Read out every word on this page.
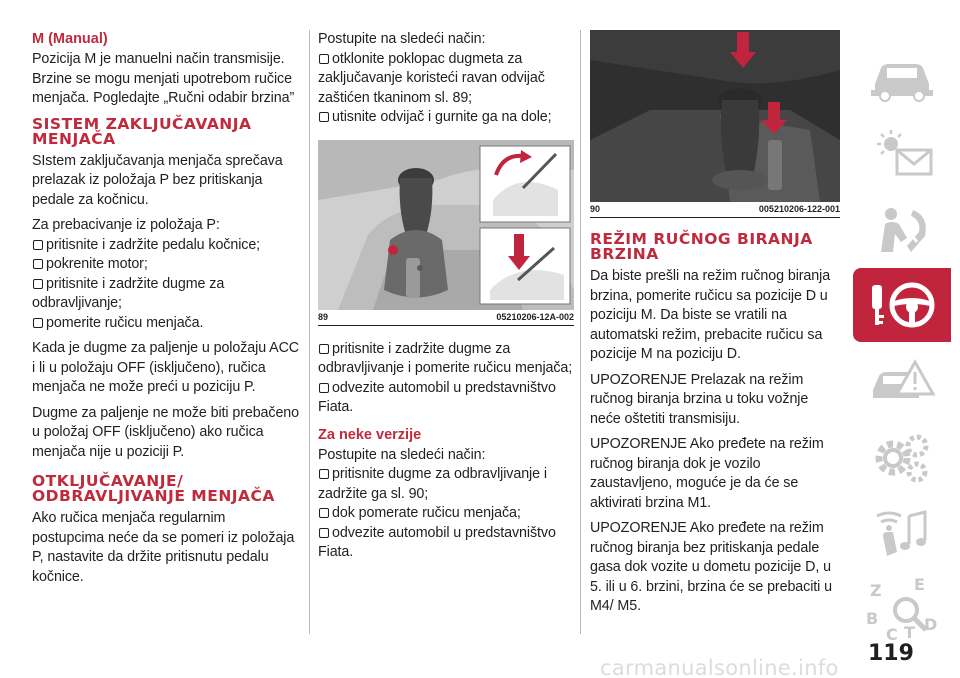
M (Manual)

Pozicija M je manuelni način transmisije. Brzine se mogu menjati upotrebom ručice menjača. Pogledajte „Ručni odabir brzina”

SISTEM ZAKLJUČAVANJA MENJAČA

SIstem zaključavanja menjača sprečava prelazak iz položaja P bez pritiskanja pedale za kočnicu.

Za prebacivanje iz položaja P:
pritisnite i zadržite pedalu kočnice;
pokrenite motor;
pritisnite i zadržite dugme za odbravljivanje;
pomerite ručicu menjača.

Kada je dugme za paljenje u položaju ACC i li u položaju OFF (isključeno), ručica menjača ne može preći u poziciju P.

Dugme za paljenje ne može biti prebačeno u položaj OFF (isključeno) ako ručica menjača nije u poziciji P.

OTKLJUČAVANJE/ ODBRAVLJIVANJE MENJAČA

Ako ručica menjača regularnim postupcima neće da se pomeri iz položaja P, nastavite da držite pritisnutu pedalu kočnice.

Postupite na sledeći način:
otklonite poklopac dugmeta za zaključavanje koristeći ravan odvijač zaštićen tkaninom sl. 89;
utisnite odvijač i gurnite ga na dole;
89	05210206-12A-002
pritisnite i zadržite dugme za odbravljivanje i pomerite ručicu menjača;
odvezite automobil u predstavništvo Fiata.
Za neke verzije
Postupite na sledeći način:
pritisnite dugme za odbravljivanje i zadržite ga sl. 90;
dok pomerate ručicu menjača;
odvezite automobil u predstavništvo Fiata.
90	005210206-122-001
REŽIM RUČNOG BIRANJA BRZINA

Da biste prešli na režim ručnog biranja brzina, pomerite ručicu sa pozicije D u poziciju M. Da biste se vratili na automatski režim, prebacite ručicu sa pozicije M na poziciju D.

UPOZORENJE Prelazak na režim ručnog biranja brzina u toku vožnje neće oštetiti transmisiju.

UPOZORENJE Ako pređete na režim ručnog biranja dok je vozilo zaustavljeno, moguće je da će se aktivirati brzina M1.

UPOZORENJE Ako pređete na režim ručnog biranja bez pritiskanja pedale gasa dok vozite u dometu pozicije D, u 5. ili u 6. brzini, brzina će se prebaciti u M4/ M5.

Z E
B
C T D
119
carmanualsonline.info
